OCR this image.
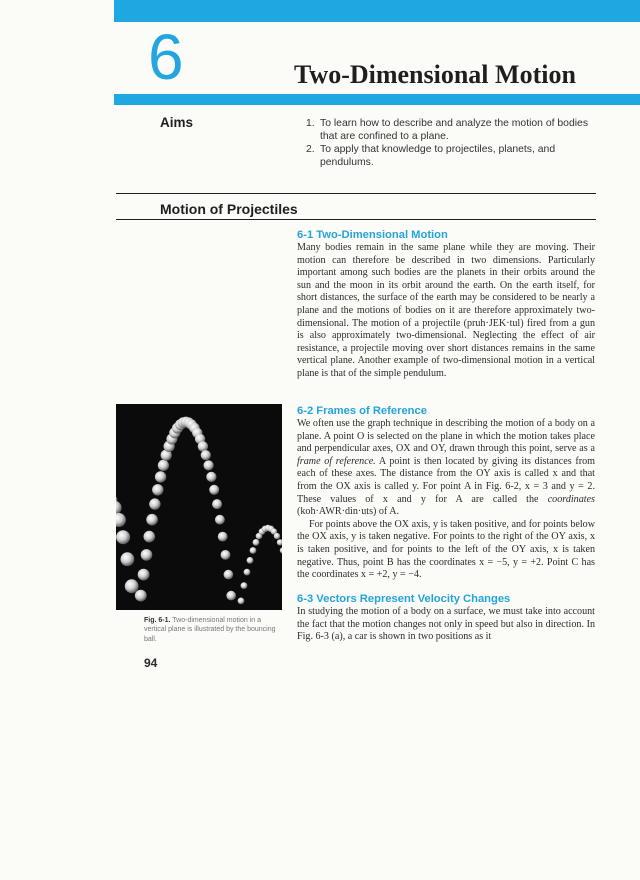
6	Two-Dimensional Motion
Aims	1. To learn how to describe and analyze the motion of bodies that are confined to a plane.
2. To apply that knowledge to projectiles, planets, and pendulums.
Motion of Projectiles
6-1 Two-Dimensional Motion

Many bodies remain in the same plane while they are moving. Their motion can therefore be described in two dimensions. Particularly important among such bodies are the planets in their orbits around the sun and the moon in its orbit around the earth. On the earth itself, for short distances, the surface of the earth may be considered to be nearly a plane and the motions of bodies on it are therefore approximately two-dimensional. The motion of a projectile (pruh·JEK·tul) fired from a gun is also approximately two-dimensional. Neglecting the effect of air resistance, a projectile moving over short distances remains in the same vertical plane. Another example of two-dimensional motion in a vertical plane is that of the simple pendulum.

6-2 Frames of Reference

We often use the graph technique in describing the motion of a body on a plane. A point O is selected on the plane in which the motion takes place and perpendicular axes, OX and OY, drawn through this point, serve as a frame of reference. A point is then located by giving its distances from each of these axes. The distance from the OY axis is called x and that from the OX axis is called y. For point A in Fig. 6-2, x = 3 and y = 2. These values of x and y for A are called the coordinates (koh·AWR·din·uts) of A.

For points above the OX axis, y is taken positive, and for points below the OX axis, y is taken negative. For points to the right of the OY axis, x is taken positive, and for points to the left of the OY axis, x is taken negative. Thus, point B has the coordinates x = −5, y = +2. Point C has the coordinates x = +2, y = −4.

6-3 Vectors Represent Velocity Changes

In studying the motion of a body on a surface, we must take into account the fact that the motion changes not only in speed but also in direction. In Fig. 6-3 (a), a car is shown in two positions as it

Fig. 6-1. Two-dimensional motion in a vertical plane is illustrated by the bouncing ball.
94
